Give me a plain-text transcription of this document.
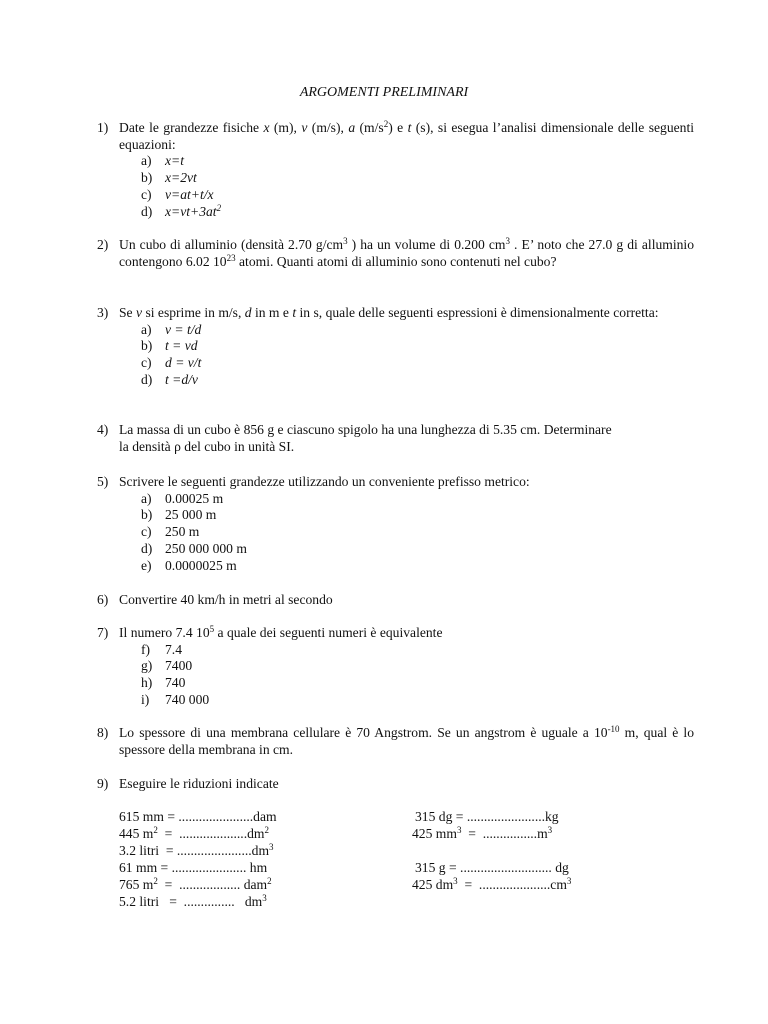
ARGOMENTI PRELIMINARI
1) Date le grandezze fisiche x (m), v (m/s), a $(m/s^2)$ e t (s), si esegua l’analisi dimensionale delle seguenti equazioni:
a) x=t
b) x=2vt
c) v=at+t/x
d) $x=vt+3at^2$
2) Un cubo di alluminio (densità 2.70 $g/cm^3$ ) ha un volume di 0.200 $cm^3$ . E’ noto che 27.0 g di alluminio contengono 6.02 $10^{23}$ atomi. Quanti atomi di alluminio sono contenuti nel cubo?
3) Se v si esprime in m/s, d in m e t in s, quale delle seguenti espressioni è dimensionalmente corretta:
a) v = t/d
b) t = vd
c) d = v/t
d) t =d/v
4) La massa di un cubo è 856 g e ciascuno spigolo ha una lunghezza di 5.35 cm. Determinare
la densità ρ del cubo in unità SI.
5) Scrivere le seguenti grandezze utilizzando un conveniente prefisso metrico:
a) 0.00025 m
b) 25 000 m
c) 250 m
d) 250 000 000 m
e) 0.0000025 m
6) Convertire 40 km/h in metri al secondo
7) Il numero 7.4 $10^5$ a quale dei seguenti numeri è equivalente
f) 7.4
g) 7400
h) 740
i) 740 000
8) Lo spessore di una membrana cellulare è 70 Angstrom. Se un angstrom è uguale a $10^{-10}$ m, qual è lo spessore della membrana in cm.
9) Eseguire le riduzioni indicate
615 mm = ......................dam
445 $m^2 = ....................dm^2$
3.2 litri  = $......................dm^3$
61 mm = ...................... hm
765 $m^2$  =  .................. dam$^2$
5.2 litri   =  ...............   $dm^3$
315 dg = .......................kg
425 $mm^3 = ................m^3$
315 g = ........................... dg
425 $dm^3 = .....................cm^3$
